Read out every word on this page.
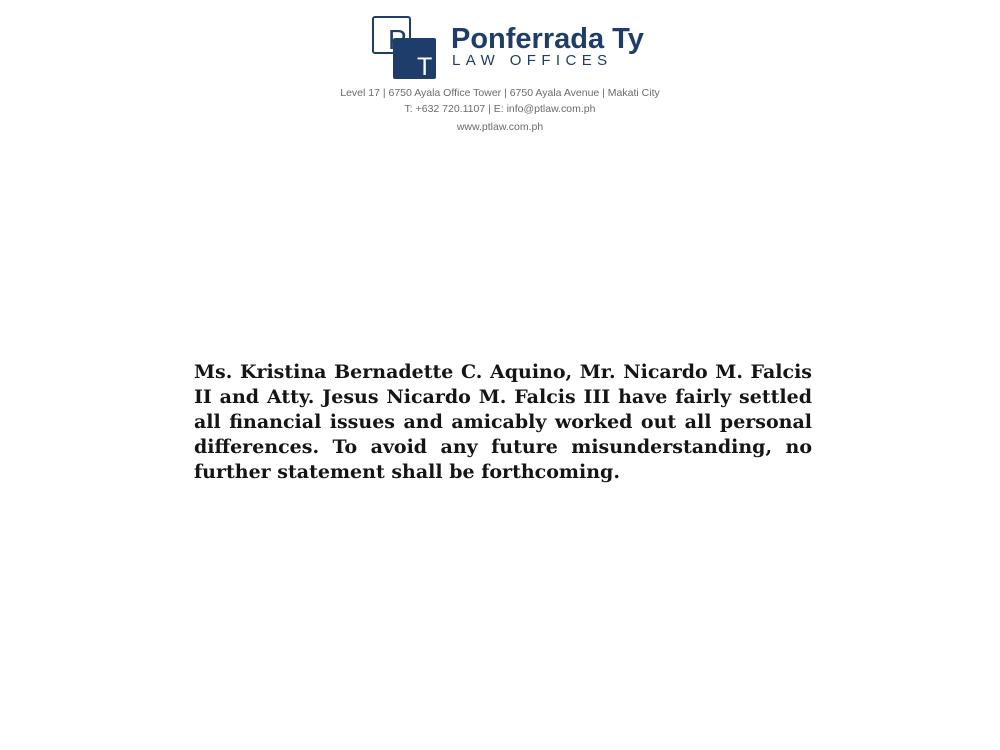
P
T
Ponferrada Ty
LAW OFFICES
Level 17 | 6750 Ayala Office Tower | 6750 Ayala Avenue | Makati City
T: +632 720.1107 | E: info@ptlaw.com.ph
www.ptlaw.com.ph

Ms. Kristina Bernadette C. Aquino, Mr. Nicardo M. Falcis II and Atty. Jesus Nicardo M. Falcis III have fairly settled all financial issues and amicably worked out all personal differences. To avoid any future misunderstanding, no further statement shall be forthcoming.
